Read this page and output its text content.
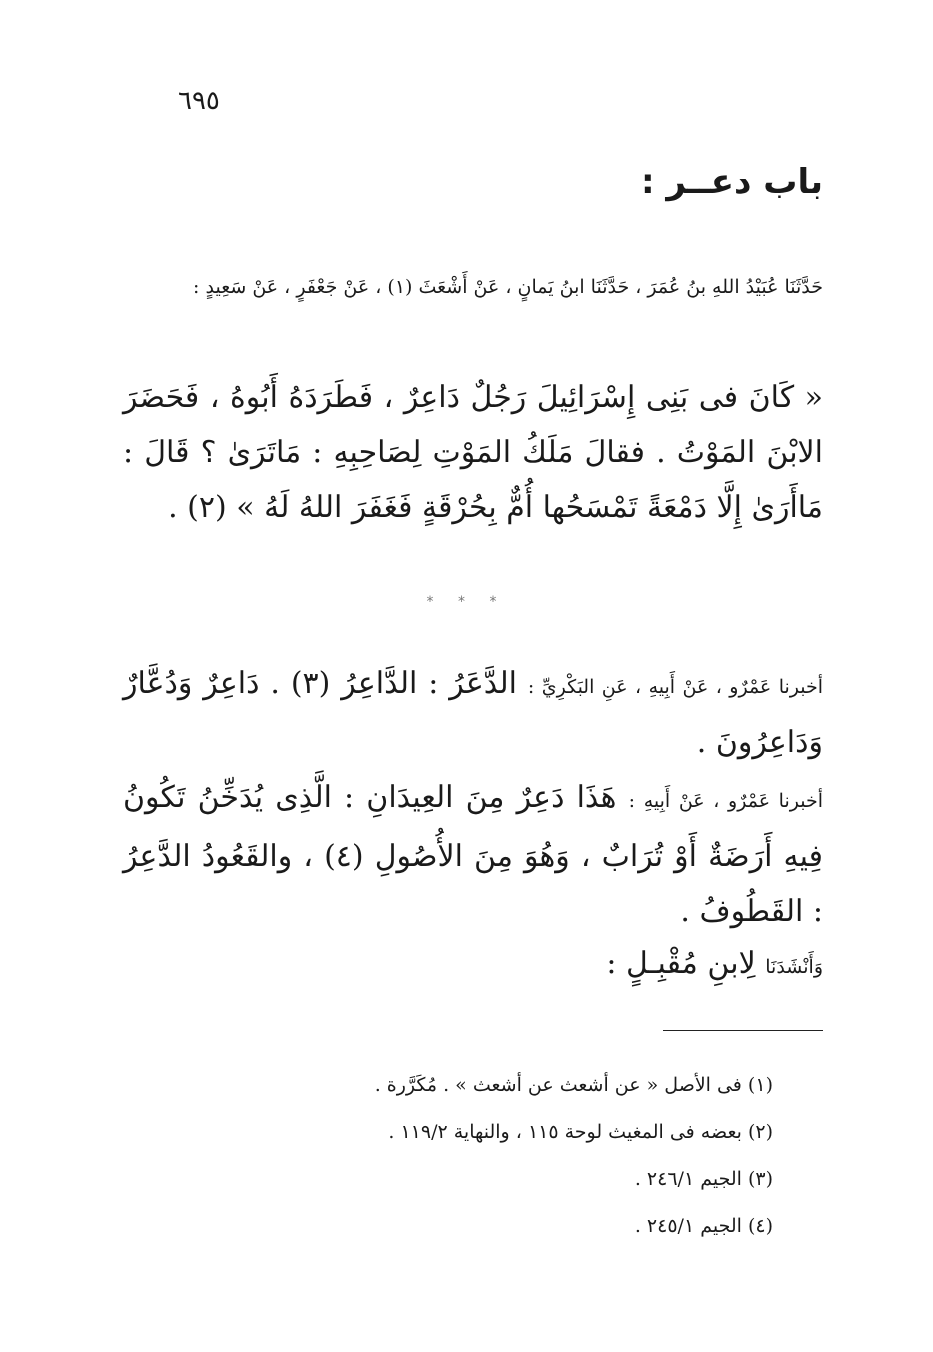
٦٩٥
باب دعــر :
حَدَّثَنَا عُبَيْدُ اللهِ بنُ عُمَرَ ، حَدَّثَنَا ابنُ يَمانٍ ، عَنْ أَشْعَثَ (١) ، عَنْ جَعْفَرٍ ، عَنْ سَعِيدٍ :
« كَانَ فى بَنِى إِسْرَائِيلَ رَجُلٌ دَاعِرٌ ، فَطَرَدَهُ أَبُوهُ ، فَحَضَرَ الابْنَ المَوْتُ . فقالَ مَلَكُ المَوْتِ لِصَاحِبِهِ : مَاتَرَىٰ ؟ قَالَ : مَاأَرَىٰ إِلَّا دَمْعَةً تَمْسَحُها أُمٌّ بِحُرْقَةٍ فَغَفَرَ اللهُ لَهُ » (٢) .
* * *
أخبرنا عَمْرٌو ، عَنْ أَبِيهِ ، عَنِ البَكْرِيِّ : الدَّعَرُ : الدَّاعِرُ (٣) . دَاعِرٌ وَدُعَّارٌ وَدَاعِرُونَ .
أخبرنا عَمْرٌو ، عَنْ أَبِيهِ : هَذَا دَعِرٌ مِنَ العِيدَانِ : الَّذِى يُدَخِّنُ تَكُونُ فِيهِ أَرَضَةٌ أَوْ تُرَابٌ ، وَهُوَ مِنَ الأُصُولِ (٤) ، والقَعُودُ الدَّعِرُ : القَطُوفُ .
وَأَنْشَدَنَا لِابنِ مُقْبِـلٍ :
(١) فى الأصل « عن أشعث عن أشعث » . مُكَرَّرة .
(٢) بعضه فى المغيث لوحة ١١٥ ، والنهاية ١١٩/٢ .
(٣) الجيم ٢٤٦/١ .
(٤) الجيم ٢٤٥/١ .
